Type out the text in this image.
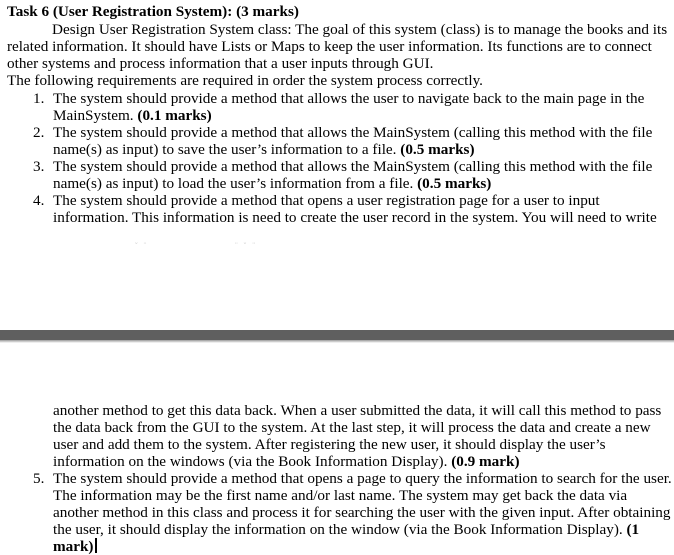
Task 6 (User Registration System): (3 marks)
Design User Registration System class: The goal of this system (class) is to manage the books and its
related information. It should have Lists or Maps to keep the user information. Its functions are to connect
other systems and process information that a user inputs through GUI.
The following requirements are required in order the system process correctly.
1. The system should provide a method that allows the user to navigate back to the main page in the
MainSystem. (0.1 marks)
2. The system should provide a method that allows the MainSystem (calling this method with the file
name(s) as input) to save the user’s information to a file. (0.5 marks)
3. The system should provide a method that allows the MainSystem (calling this method with the file
name(s) as input) to load the user’s information from a file. (0.5 marks)
4. The system should provide a method that opens a user registration page for a user to input
information. This information is need to create the user record in the system. You will need to write
another method to get this data back. When a user submitted the data, it will call this method to pass
the data back from the GUI to the system. At the last step, it will process the data and create a new
user and add them to the system. After registering the new user, it should display the user’s
information on the windows (via the Book Information Display). (0.9 mark)
5. The system should provide a method that opens a page to query the information to search for the user.
The information may be the first name and/or last name. The system may get back the data via
another method in this class and process it for searching the user with the given input. After obtaining
the user, it should display the information on the window (via the Book Information Display). (1
mark)
